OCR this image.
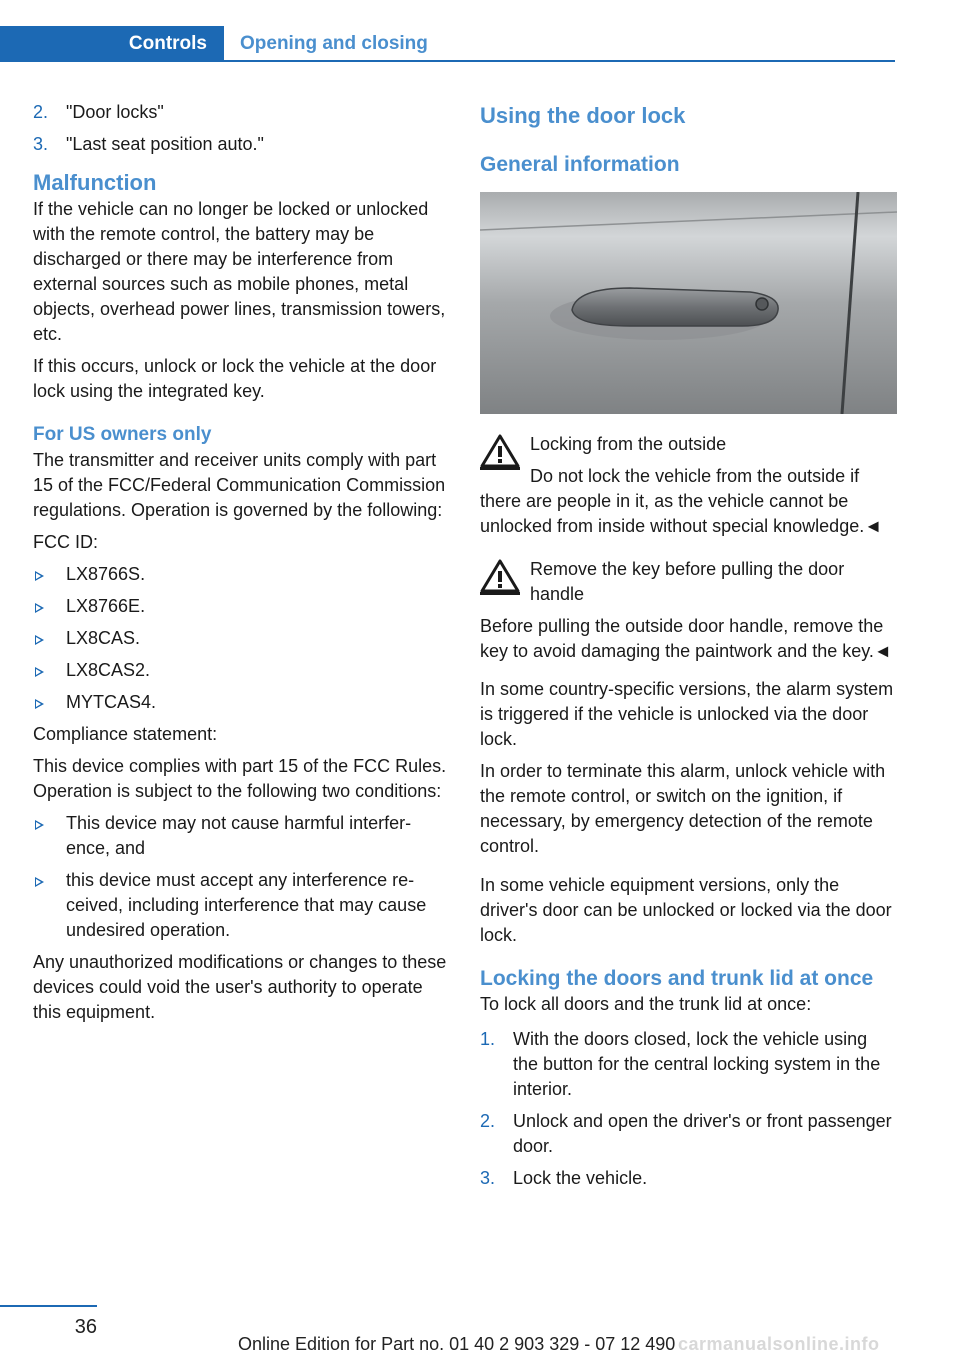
Controls	Opening and closing
2. "Door locks"
3. "Last seat position auto."
Malfunction

If the vehicle can no longer be locked or unlocked with the remote control, the battery may be discharged or there may be interference from external sources such as mobile phones, metal objects, overhead power lines, transmission towers, etc.

If this occurs, unlock or lock the vehicle at the door lock using the integrated key.

For US owners only

The transmitter and receiver units comply with part 15 of the FCC/Federal Communication Commission regulations. Operation is governed by the following:

FCC ID:

LX8766S.
LX8766E.
LX8CAS.
LX8CAS2.
MYTCAS4.

Compliance statement:

This device complies with part 15 of the FCC Rules. Operation is subject to the following two conditions:

This device may not cause harmful interference, and
this device must accept any interference received, including interference that may cause undesired operation.

Any unauthorized modifications or changes to these devices could void the user's authority to operate this equipment.

Using the door lock
General information

Locking from the outside

Do not lock the vehicle from the outside if there are people in it, as the vehicle cannot be unlocked from inside without special knowledge.◄

Remove the key before pulling the door handle

Before pulling the outside door handle, remove the key to avoid damaging the paintwork and the key.◄

In some country-specific versions, the alarm system is triggered if the vehicle is unlocked via the door lock.

In order to terminate this alarm, unlock vehicle with the remote control, or switch on the ignition, if necessary, by emergency detection of the remote control.

In some vehicle equipment versions, only the driver's door can be unlocked or locked via the door lock.

Locking the doors and trunk lid at once

To lock all doors and the trunk lid at once:

1. With the doors closed, lock the vehicle using the button for the central locking system in the interior.
2. Unlock and open the driver's or front passenger door.
3. Lock the vehicle.
36
Online Edition for Part no. 01 40 2 903 329 - 07 12 490 carmanualsonline.info
